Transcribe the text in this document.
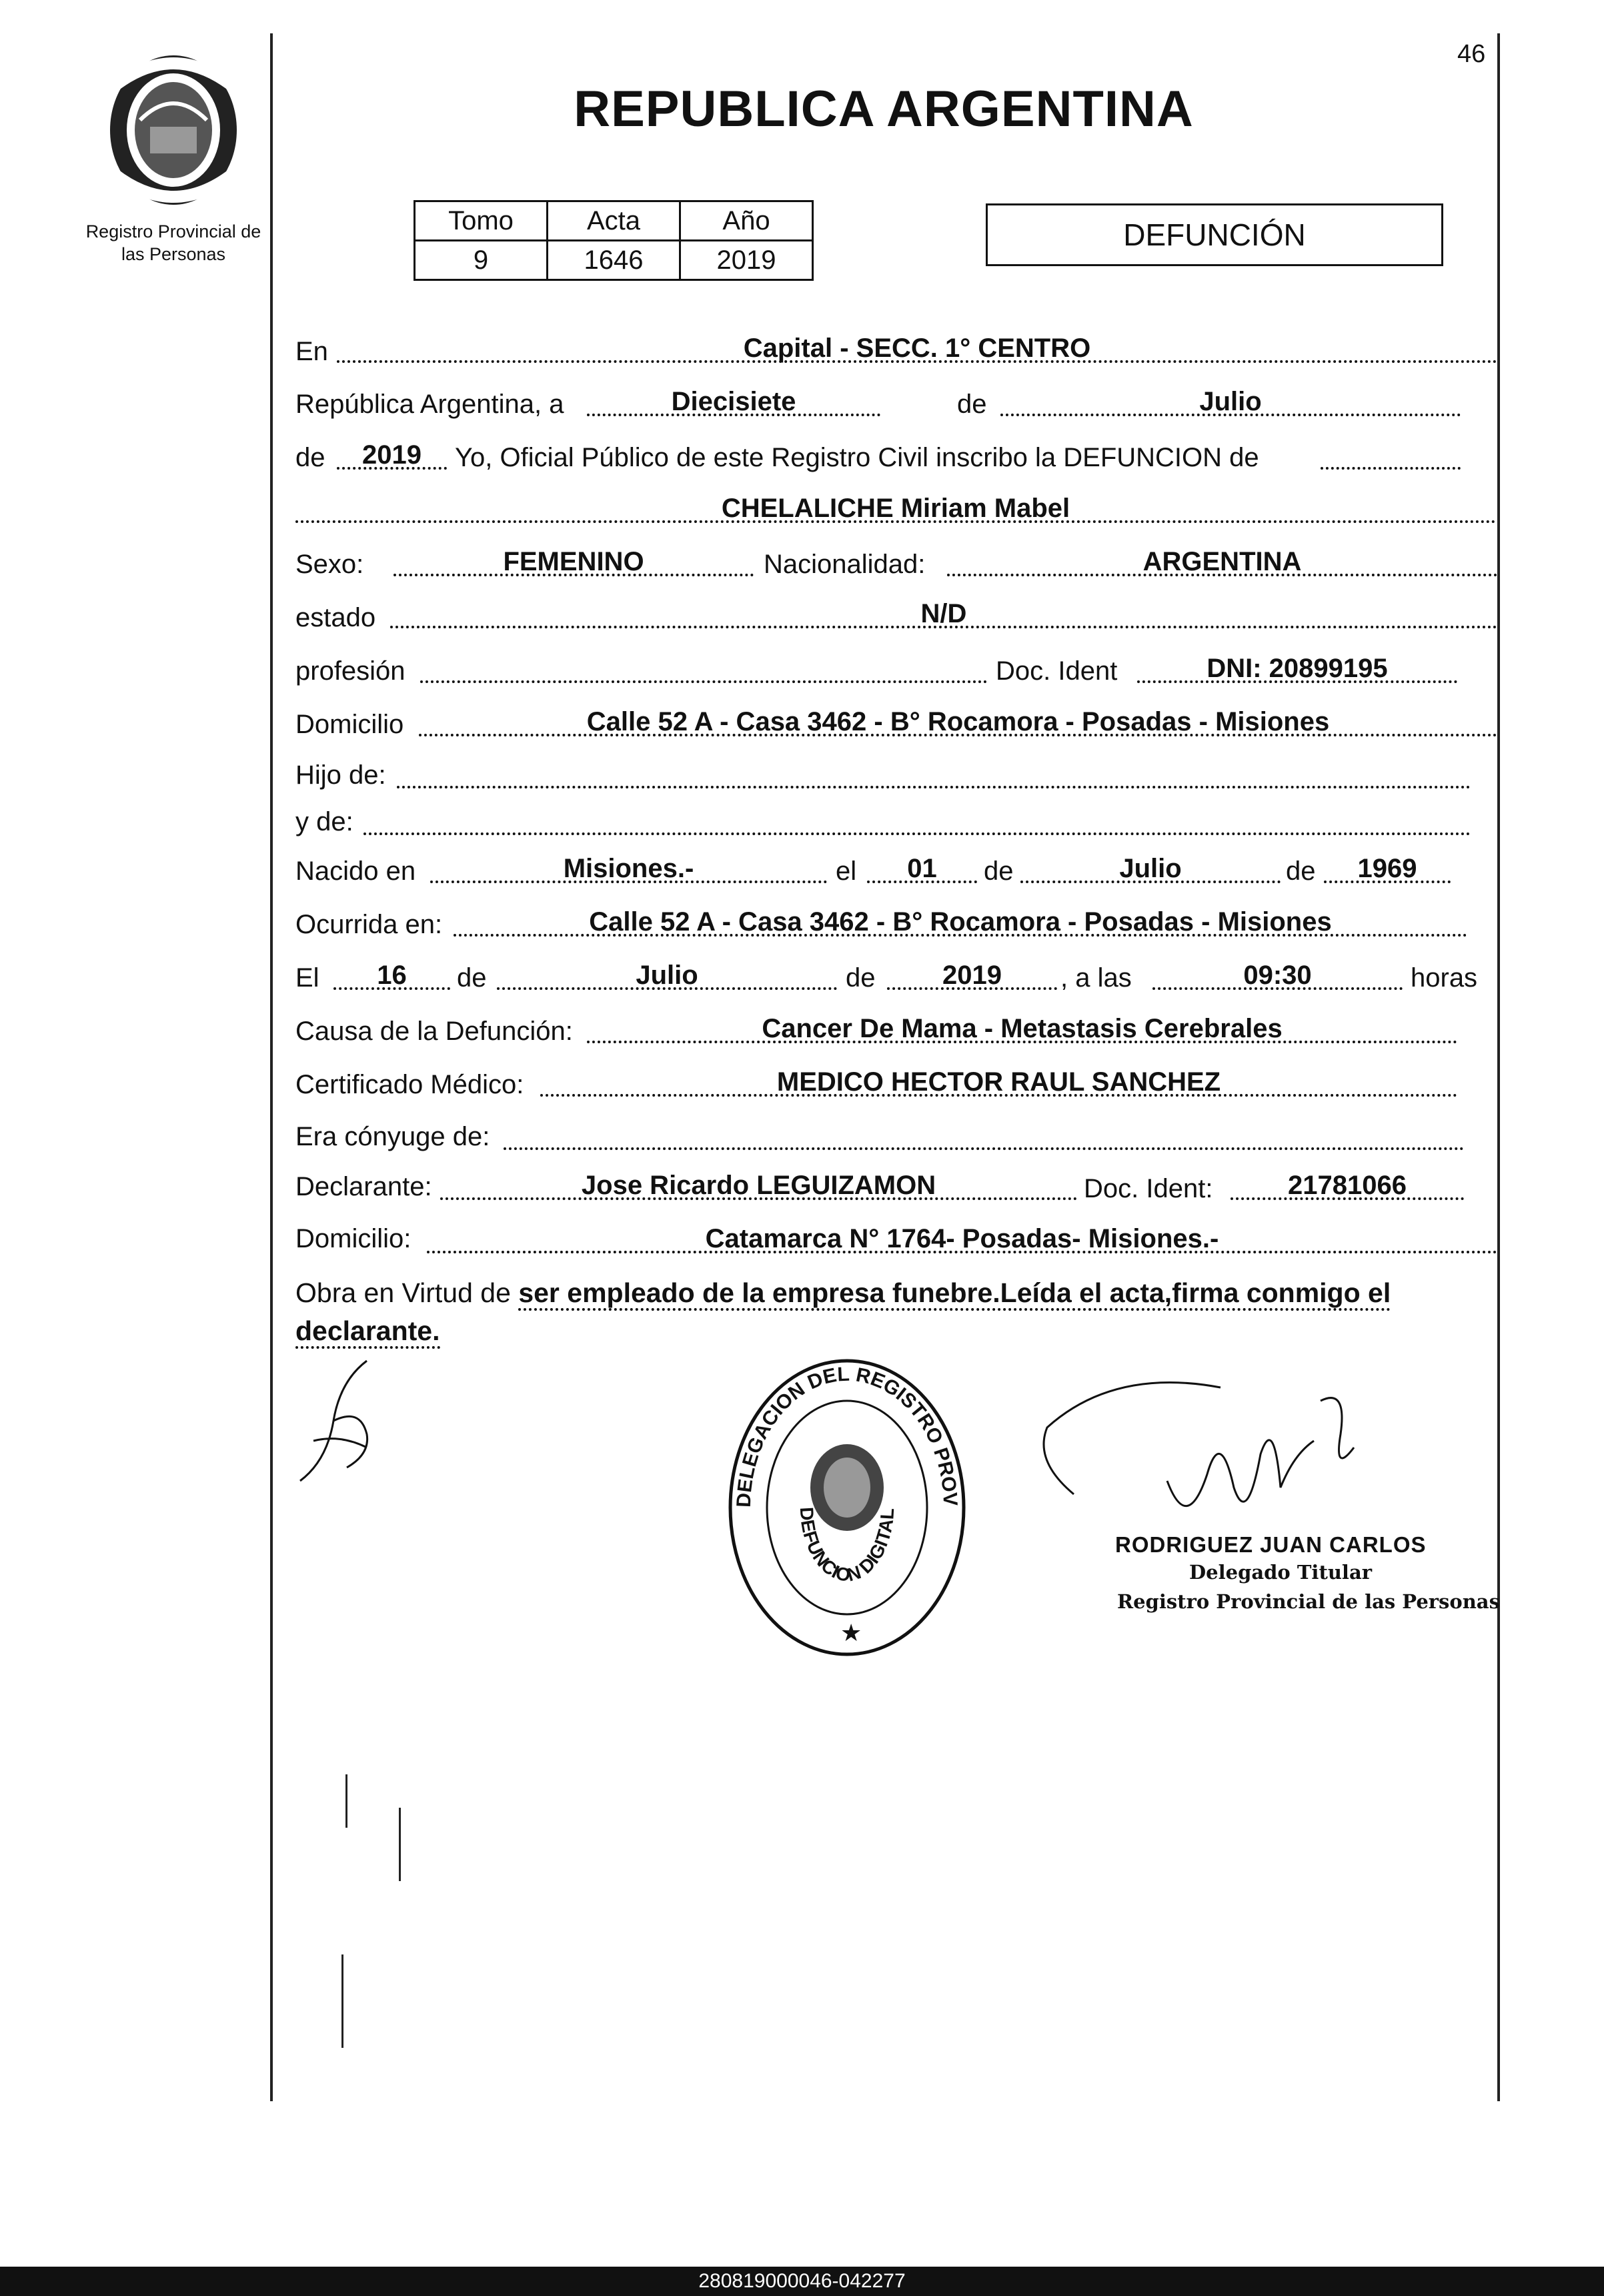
Registro Provincial de
las Personas
46
REPUBLICA ARGENTINA
Tomo	Acta	Año
9	1646	2019
DEFUNCIÓN
En	Capital - SECC. 1° CENTRO
República Argentina, a	Diecisiete	de	Julio
de	2019	Yo, Oficial Público de este Registro Civil inscribo la DEFUNCION de
CHELALICHE Miriam Mabel
Sexo:	FEMENINO	Nacionalidad:	ARGENTINA
estado	N/D
profesión	Doc. Ident	DNI: 20899195
Domicilio	Calle 52 A - Casa 3462 - B° Rocamora - Posadas - Misiones
Hijo de:
y de:
Nacido en	Misiones.-	el	01	de	Julio	de	1969
Ocurrida en:	Calle 52 A - Casa 3462 - B° Rocamora - Posadas - Misiones
El	16	de	Julio	de	2019	, a las	09:30	horas
Causa de la Defunción:	Cancer De Mama - Metastasis Cerebrales
Certificado Médico:	MEDICO HECTOR RAUL SANCHEZ
Era cónyuge de:
Declarante:	Jose Ricardo LEGUIZAMON	Doc. Ident:	21781066
Domicilio:	Catamarca N° 1764- Posadas- Misiones.-
Obra en Virtud de ser empleado de la empresa funebre.Leída el acta,firma conmigo el declarante.
DELEGACION DEL REGISTRO PROV
DEFUNCION DIGITAL
★
RODRIGUEZ JUAN CARLOS
Delegado Titular
Registro Provincial de las Personas
280819000046-042277
